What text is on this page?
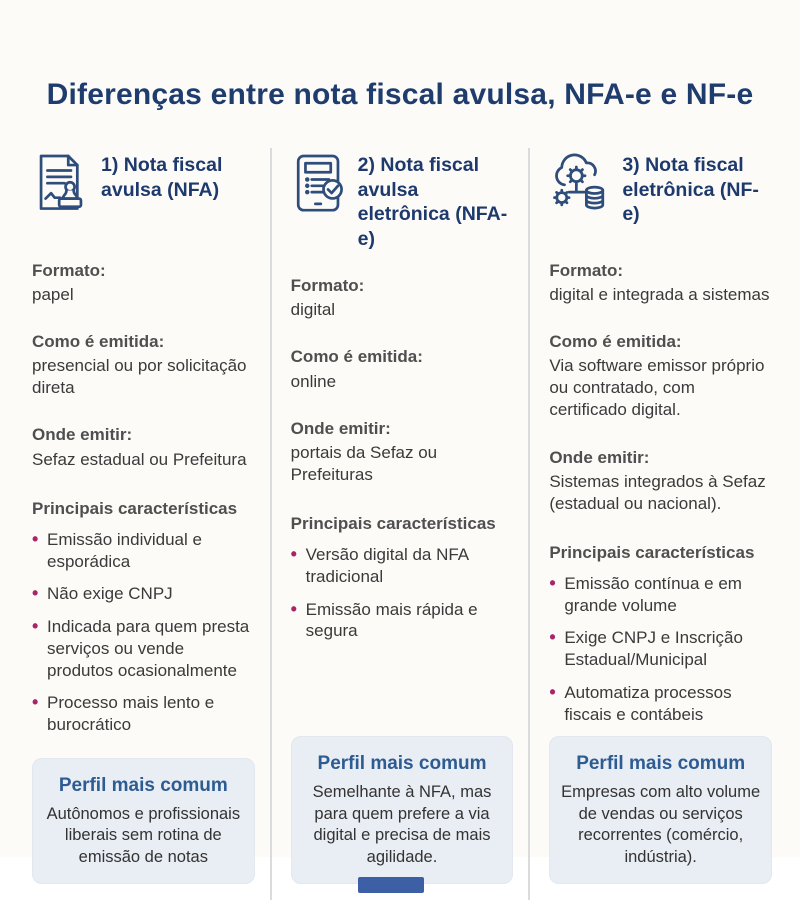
Diferenças entre nota fiscal avulsa, NFA-e e NF-e
1) Nota fiscal avulsa (NFA)
Formato:
papel
Como é emitida:
presencial ou por solicitação direta
Onde emitir:
Sefaz estadual ou Prefeitura
Principais características
• Emissão individual e esporádica
• Não exige CNPJ
• Indicada para quem presta serviços ou vende produtos ocasionalmente
• Processo mais lento e burocrático
Perfil mais comum
Autônomos e profissionais liberais sem rotina de emissão de notas
2) Nota fiscal avulsa eletrônica (NFA-e)
Formato:
digital
Como é emitida:
online
Onde emitir:
portais da Sefaz ou Prefeituras
Principais características
• Versão digital da NFA tradicional
• Emissão mais rápida e segura
Perfil mais comum
Semelhante à NFA, mas para quem prefere a via digital e precisa de mais agilidade.
3) Nota fiscal eletrônica (NF-e)
Formato:
digital e integrada a sistemas
Como é emitida:
Via software emissor próprio ou contratado, com certificado digital.
Onde emitir:
Sistemas integrados à Sefaz (estadual ou nacional).
Principais características
• Emissão contínua e em grande volume
• Exige CNPJ e Inscrição Estadual/Municipal
• Automatiza processos fiscais e contábeis
Perfil mais comum
Empresas com alto volume de vendas ou serviços recorrentes (comércio, indústria).
